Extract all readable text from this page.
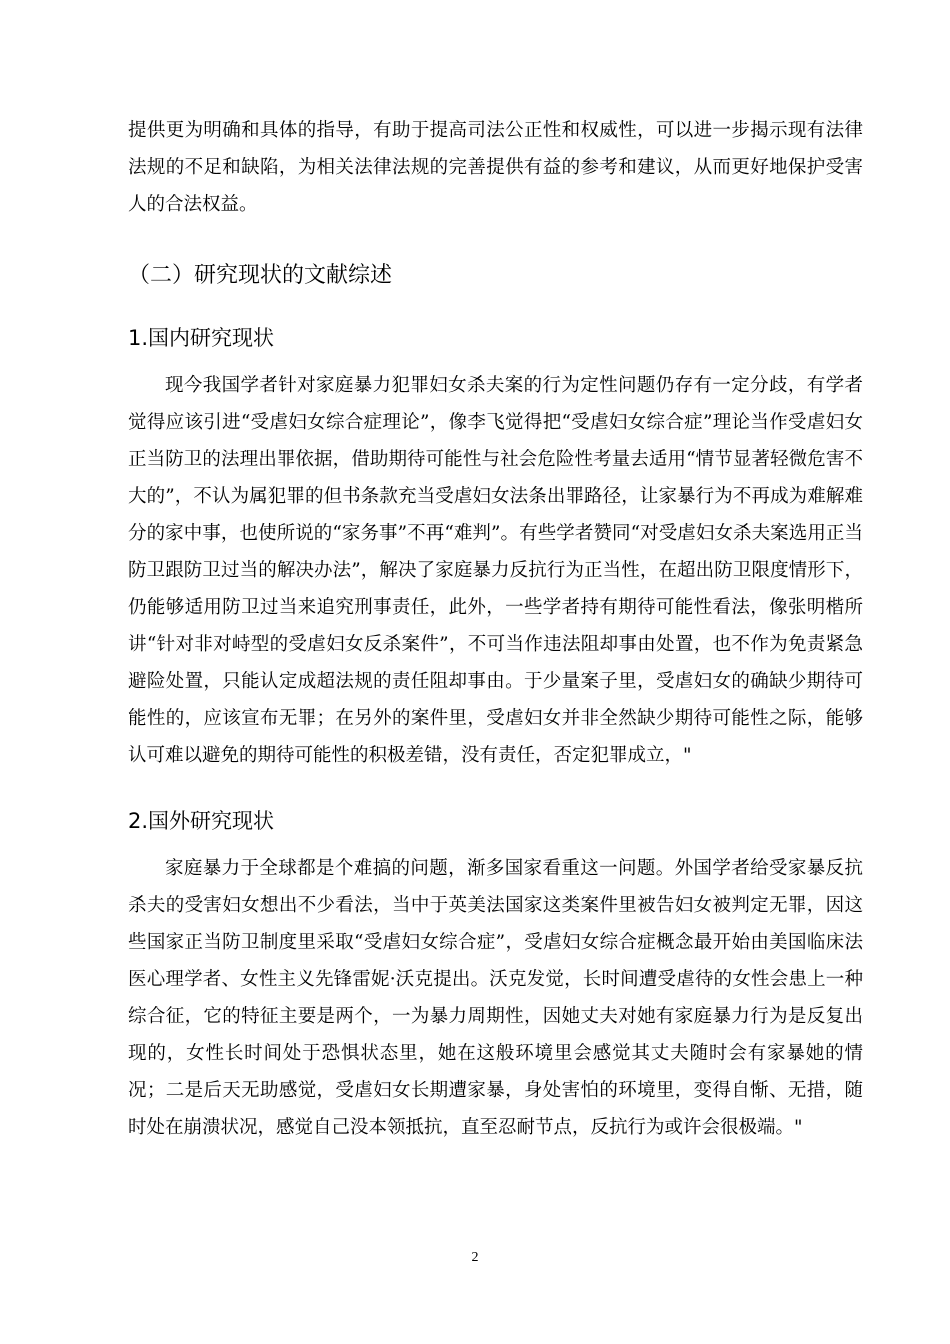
提供更为明确和具体的指导，有助于提高司法公正性和权威性，可以进一步揭示现有法律法规的不足和缺陷，为相关法律法规的完善提供有益的参考和建议，从而更好地保护受害人的合法权益。

（二）研究现状的文献综述
1.国内研究现状

现今我国学者针对家庭暴力犯罪妇女杀夫案的行为定性问题仍存有一定分歧，有学者觉得应该引进“受虐妇女综合症理论”，像李飞觉得把“受虐妇女综合症”理论当作受虐妇女正当防卫的法理出罪依据，借助期待可能性与社会危险性考量去适用“情节显著轻微危害不大的”，不认为属犯罪的但书条款充当受虐妇女法条出罪路径，让家暴行为不再成为难解难分的家中事，也使所说的“家务事”不再“难判”。有些学者赞同“对受虐妇女杀夫案选用正当防卫跟防卫过当的解决办法”，解决了家庭暴力反抗行为正当性，在超出防卫限度情形下，仍能够适用防卫过当来追究刑事责任，此外，一些学者持有期待可能性看法，像张明楷所讲“针对非对峙型的受虐妇女反杀案件”，不可当作违法阻却事由处置，也不作为免责紧急避险处置，只能认定成超法规的责任阻却事由。于少量案子里，受虐妇女的确缺少期待可能性的，应该宣布无罪；在另外的案件里，受虐妇女并非全然缺少期待可能性之际，能够认可难以避免的期待可能性的积极差错，没有责任，否定犯罪成立，"

2.国外研究现状

家庭暴力于全球都是个难搞的问题，渐多国家看重这一问题。外国学者给受家暴反抗杀夫的受害妇女想出不少看法，当中于英美法国家这类案件里被告妇女被判定无罪，因这些国家正当防卫制度里采取“受虐妇女综合症”，受虐妇女综合症概念最开始由美国临床法医心理学者、女性主义先锋雷妮·沃克提出。沃克发觉，长时间遭受虐待的女性会患上一种综合征，它的特征主要是两个，一为暴力周期性，因她丈夫对她有家庭暴力行为是反复出现的，女性长时间处于恐惧状态里，她在这般环境里会感觉其丈夫随时会有家暴她的情况；二是后天无助感觉，受虐妇女长期遭家暴，身处害怕的环境里，变得自惭、无措，随时处在崩溃状况，感觉自己没本领抵抗，直至忍耐节点，反抗行为或许会很极端。"

2
